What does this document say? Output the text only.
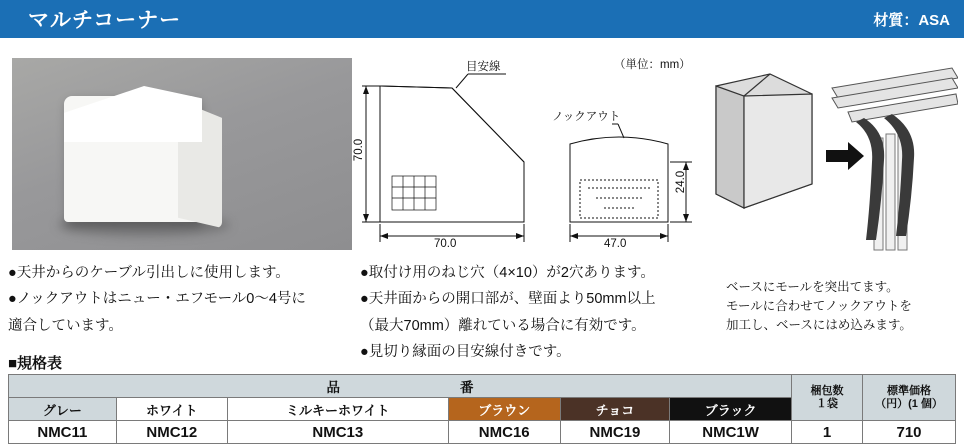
マルチコーナー	材質：ASA
（単位：mm）
目安線
ノックアウト
70.0
70.0
24.0
47.0
ベースにモールを突出てます。
モールに合わせてノックアウトを
加工し、ベースにはめ込みます。
●天井からのケーブル引出しに使用します。
●ノックアウトはニュー・エフモール0～4号に
適合しています。
●取付け用のねじ穴（4×10）が2穴あります。
●天井面からの開口部が、壁面より50mm以上
（最大70mm）離れている場合に有効です。
●見切り縁面の目安線付きです。
■規格表
品	番	梱包数
１袋

標準価格
（円）(1 個）

グレー	ホワイト	ミルキーホワイト	ブラウン	チョコ	ブラック		
NMC11	NMC12	NMC13	NMC16	NMC19	NMC1W	1	710
